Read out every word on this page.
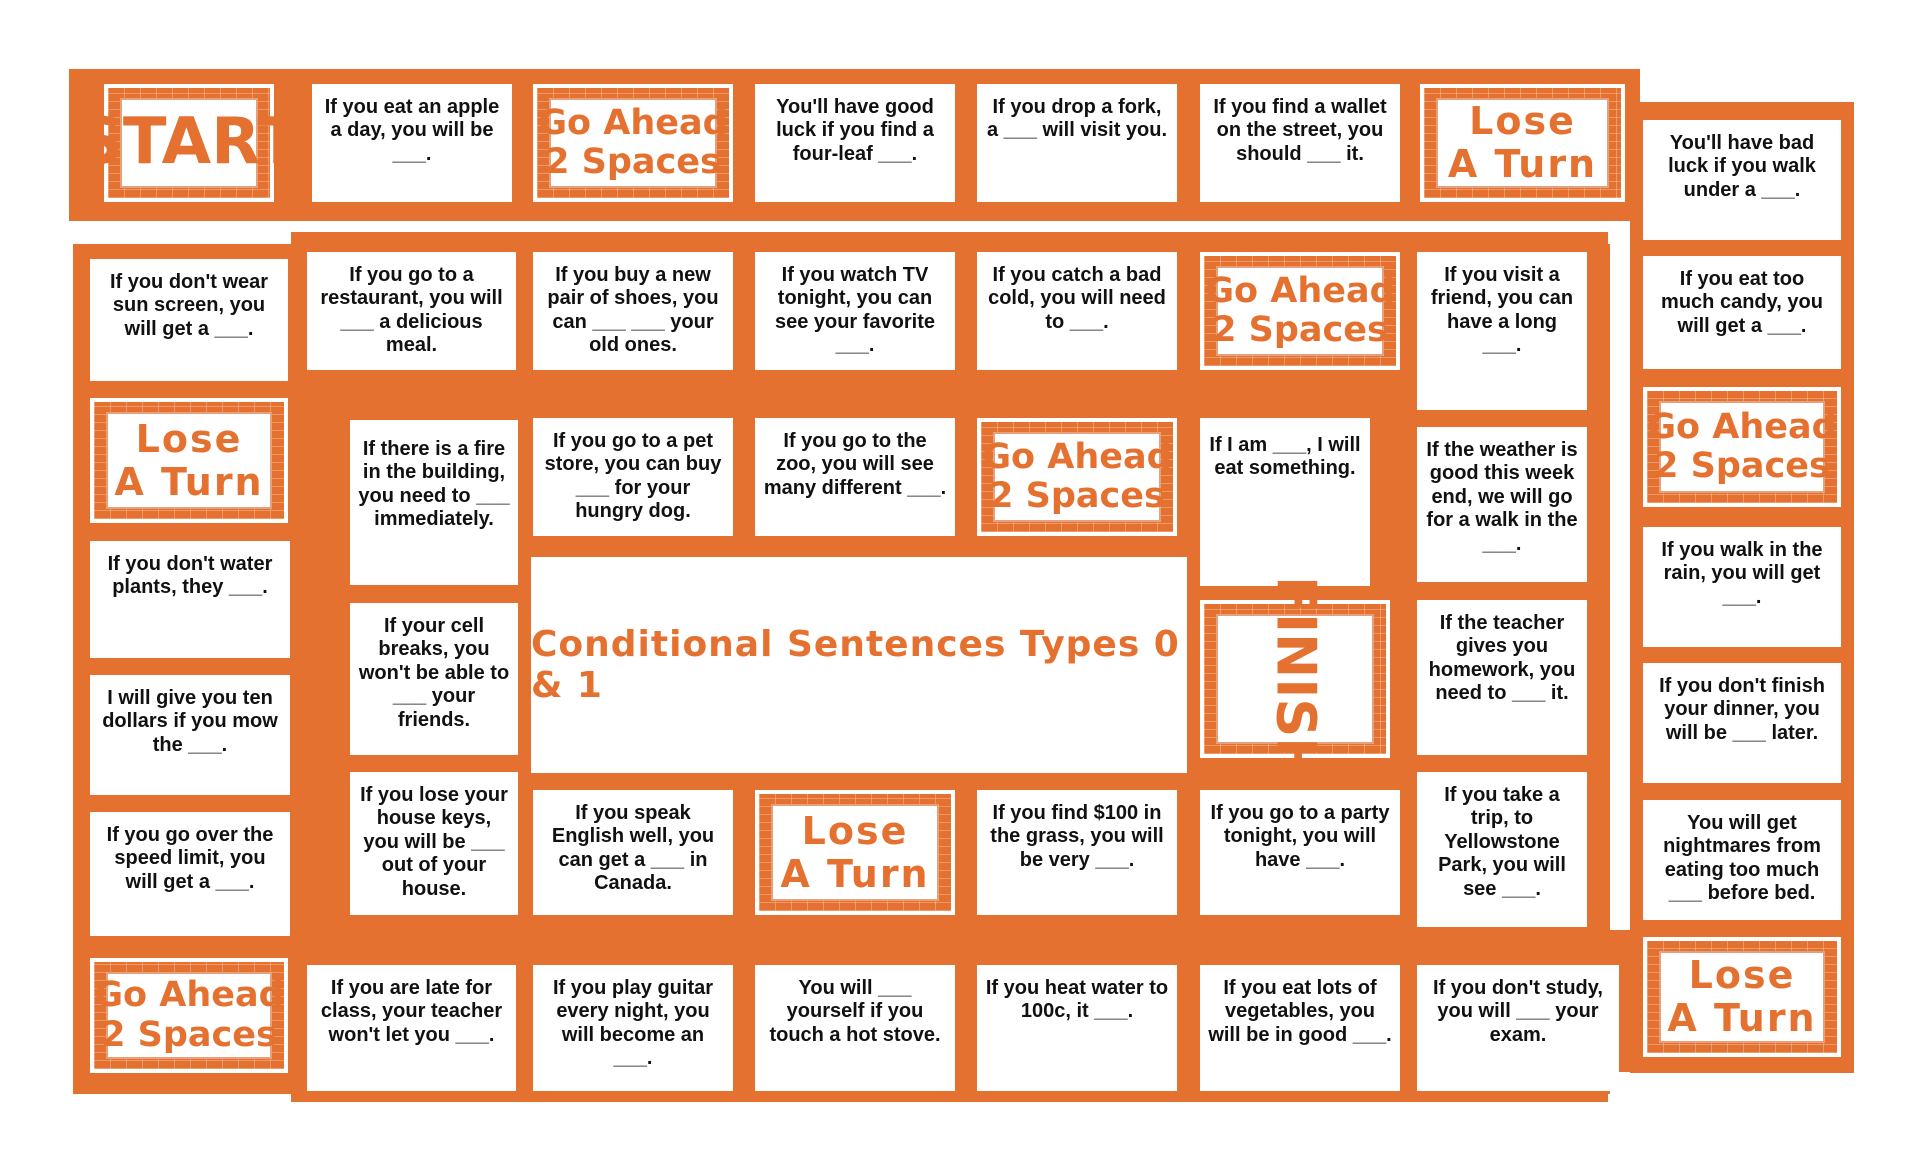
START If you eat an apple a day, you will be ___.
Go Ahead
2 Spaces
You'll have good luck if you find a four-leaf ___.
If you drop a fork, a ___ will visit you.
If you find a wallet on the street, you should ___ it.
Lose
A Turn	You'll have bad luck if you walk under a ___.
If you eat too much candy, you will get a ___.
Go Ahead
2 Spaces
If you walk in the rain, you will get ___.
If you don't finish your dinner, you will be ___ later.
You will get nightmares from eating too much ___ before bed.
Lose
A Turn
If you don't study, you will ___ your exam.
If you eat lots of vegetables, you will be in good ___.
If you heat water to 100c, it ___.
You will ___ yourself if you touch a hot stove.
If you play guitar every night, you will become an ___.
If you are late for class, your teacher won't let you ___.
Go Ahead
2 Spaces
If you go over the speed limit, you will get a ___.
I will give you ten dollars if you mow the ___.
If you don't water plants, they ___.
Lose
A Turn
If you don't wear sun screen, you will get a ___.
If you go to a restaurant, you will ___ a delicious meal.
If you buy a new pair of shoes, you can ___ ___ your old ones.
If you watch TV tonight, you can see your favorite ___.
If you catch a bad cold, you will need to ___.
Go Ahead
2 Spaces
If you visit a friend, you can have a long ___.
If the weather is good this week end, we will go for a walk in the ___.
If the teacher gives you homework, you need to ___ it.
If you take a trip, to Yellowstone Park, you will see ___.
If you go to a party tonight, you will have ___.
If you find $100 in the grass, you will be very ___.
Lose
A Turn
If you speak English well, you can get a ___ in Canada.
If you lose your house keys, you will be ___ out of your house.
If your cell breaks, you won't be able to ___ your friends.
If there is a fire in the building, you need to ___ immediately.
If you go to a pet store, you can buy ___ for your hungry dog.
If you go to the zoo, you will see many different ___.
Go Ahead
2 Spaces
If I am ___, I will eat something.
FINISH
Conditional Sentences Types 0 & 1
